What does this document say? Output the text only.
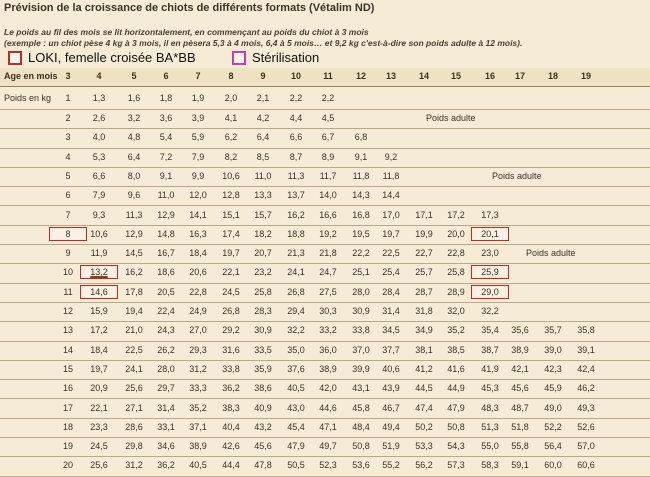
Prévision de la croissance de chiots de différents formats (Vétalim ND)
Le poids au fil des mois se lit horizontalement, en commençant au poids du chiot à 3 mois
(exemple : un chiot pèse 4 kg à 3 mois, il en pèsera 5,3 à 4 mois, 6,4 à 5 mois… et 9,2 kg c'est-à-dire son poids adulte à 12 mois).
LOKI, femelle croisée BA*BB	Stérilisation
Age en mois 3	4	5	6	7	8	9	10	11	12	13	14	15	16	17	18	19
Poids en kg	1	1,3	1,6	1,8	1,9	2,0	2,1	2,2	2,2
2	2,6	3,2	3,6	3,9	4,1	4,2	4,4	4,5
3	4,0	4,8	5,4	5,9	6,2	6,4	6,6	6,7	6,8
4	5,3	6,4	7,2	7,9	8,2	8,5	8,7	8,9	9,1	9,2
5	6,6	8,0	9,1	9,9	10,6	11,0	11,3	11,7	11,8	11,8
6	7,9	9,6	11,0	12,0	12,8	13,3	13,7	14,0	14,3	14,4
7	9,3	11,3	12,9	14,1	15,1	15,7	16,2	16,6	16,8	17,0	17,1	17,2	17,3
8	10,6	12,9	14,8	16,3	17,4	18,2	18,8	19,2	19,5	19,7	19,9	20,0	20,1
9	11,9	14,5	16,7	18,4	19,7	20,7	21,3	21,8	22,2	22,5	22,7	22,8	23,0
10	13,2	16,2	18,6	20,6	22,1	23,2	24,1	24,7	25,1	25,4	25,7	25,8	25,9
11	14,6	17,8	20,5	22,8	24,5	25,8	26,8	27,5	28,0	28,4	28,7	28,9	29,0
12	15,9	19,4	22,4	24,9	26,8	28,3	29,4	30,3	30,9	31,4	31,8	32,0	32,2
13	17,2	21,0	24,3	27,0	29,2	30,9	32,2	33,2	33,8	34,5	34,9	35,2	35,4	35,6	35,7	35,8
14	18,4	22,5	26,2	29,3	31,6	33,5	35,0	36,0	37,0	37,7	38,1	38,5	38,7	38,9	39,0	39,1
15	19,7	24,1	28,0	31,2	33,8	35,9	37,6	38,9	39,9	40,6	41,2	41,6	41,9	42,1	42,3	42,4
16	20,9	25,6	29,7	33,3	36,2	38,6	40,5	42,0	43,1	43,9	44,5	44,9	45,3	45,6	45,9	46,2
17	22,1	27,1	31,4	35,2	38,3	40,9	43,0	44,6	45,8	46,7	47,4	47,9	48,3	48,7	49,0	49,3
18	23,3	28,6	33,1	37,1	40,4	43,2	45,4	47,1	48,4	49,4	50,2	50,8	51,3	51,8	52,2	52,6
19	24,5	29,8	34,6	38,9	42,6	45,6	47,9	49,7	50,8	51,9	53,3	54,3	55,0	55,8	56,4	57,0
20	25,6	31,2	36,2	40,5	44,4	47,8	50,5	52,3	53,6	55,2	56,2	57,3	58,3	59,1	60,0	60,6
Poids adulte
Poids adulte
Poids adulte
